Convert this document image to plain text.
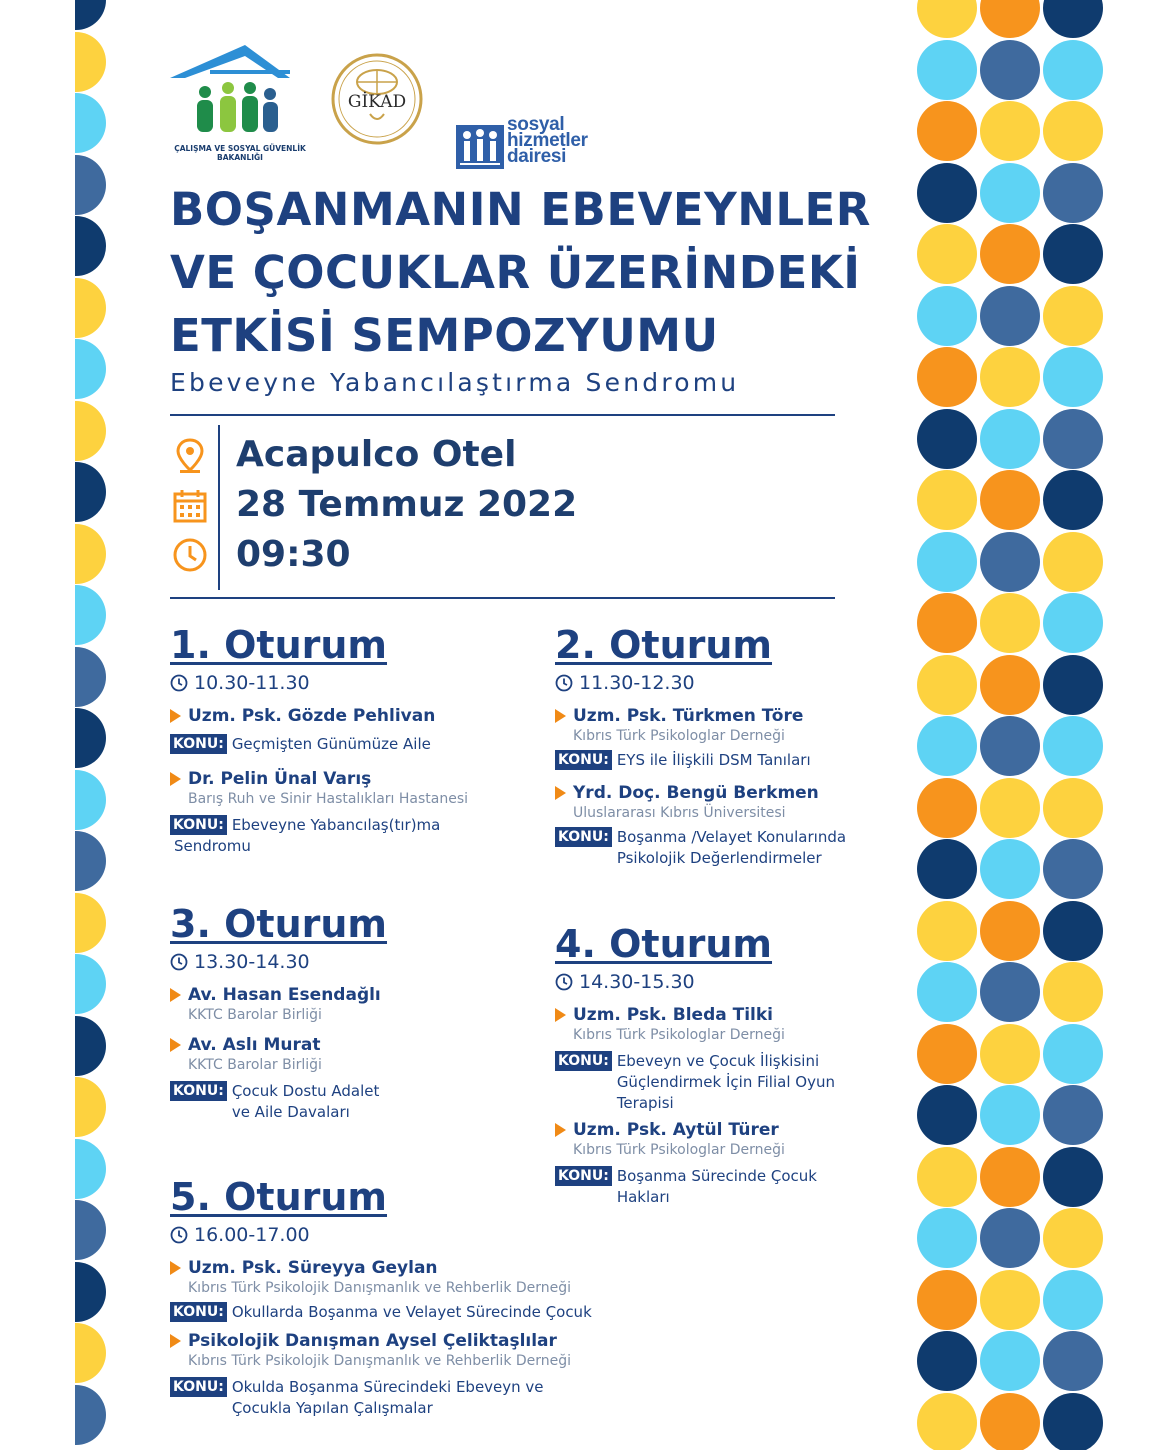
ÇALIŞMA VE SOSYAL GÜVENLİK
BAKANLIĞI
GİKAD
sosyal
hizmetler
dairesi
BOŞANMANIN EBEVEYNLER
VE ÇOCUKLAR ÜZERİNDEKİ
ETKİSİ SEMPOZYUMU
Ebeveyne Yabancılaştırma Sendromu
Acapulco Otel
28 Temmuz 2022
09:30
1. Oturum
10.30-11.30
Uzm. Psk. Gözde Pehlivan
KONU: Geçmişten Günümüze Aile
Dr. Pelin Ünal Varış
Barış Ruh ve Sinir Hastalıkları Hastanesi
KONU: Ebeveyne Yabancılaş(tır)ma
Sendromu
2. Oturum
11.30-12.30
Uzm. Psk. Türkmen Töre
Kıbrıs Türk Psikologlar Derneği
KONU: EYS ile İlişkili DSM Tanıları
Yrd. Doç. Bengü Berkmen
Uluslararası Kıbrıs Üniversitesi
KONU: Boşanma /Velayet Konularında
Psikolojik Değerlendirmeler
3. Oturum
13.30-14.30
Av. Hasan Esendağlı
KKTC Barolar Birliği
Av. Aslı Murat
KKTC Barolar Birliği
KONU: Çocuk Dostu Adalet
ve Aile Davaları
4. Oturum
14.30-15.30
Uzm. Psk. Bleda Tilki
Kıbrıs Türk Psikologlar Derneği
KONU: Ebeveyn ve Çocuk İlişkisini
Güçlendirmek İçin Filial Oyun
Terapisi
Uzm. Psk. Aytül Türer
Kıbrıs Türk Psikologlar Derneği
KONU: Boşanma Sürecinde Çocuk
Hakları
5. Oturum
16.00-17.00
Uzm. Psk. Süreyya Geylan
Kıbrıs Türk Psikolojik Danışmanlık ve Rehberlik Derneği
KONU: Okullarda Boşanma ve Velayet Sürecinde Çocuk
Psikolojik Danışman Aysel Çeliktaşlılar
Kıbrıs Türk Psikolojik Danışmanlık ve Rehberlik Derneği
KONU: Okulda Boşanma Sürecindeki Ebeveyn ve
Çocukla Yapılan Çalışmalar
